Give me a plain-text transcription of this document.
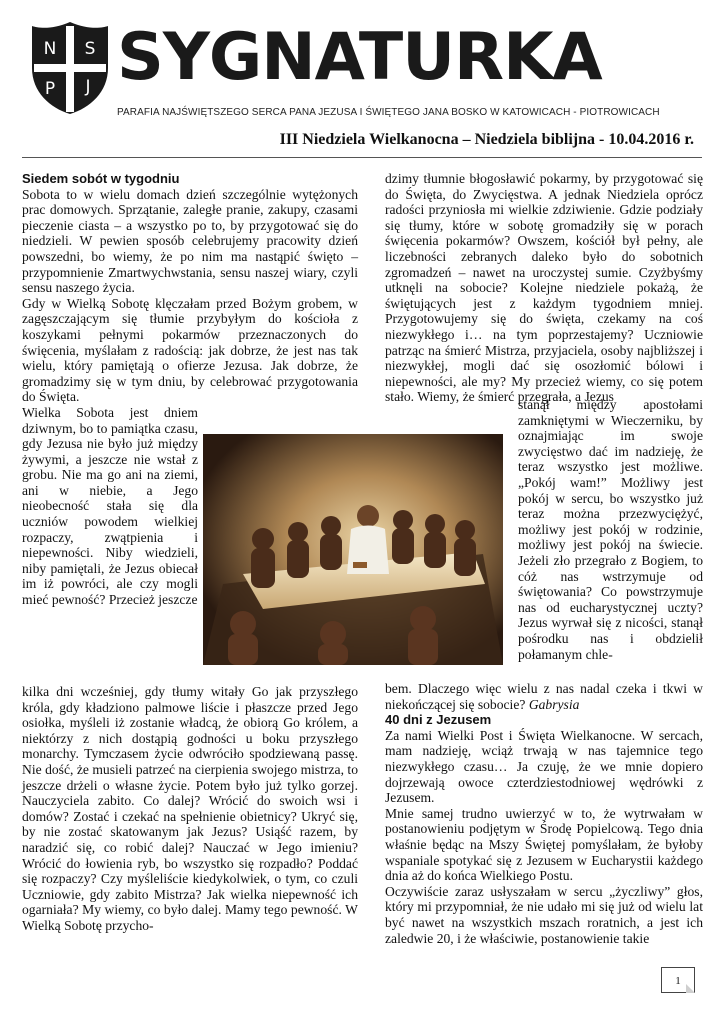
N S
P J SYGNATURKA
PARAFIA NAJŚWIĘTSZEGO SERCA PANA JEZUSA I ŚWIĘTEGO JANA BOSKO W KATOWICACH - PIOTROWICACH
III Niedziela Wielkanocna – Niedziela biblijna - 10.04.2016 r.

Siedem sobót w tygodniu

Sobota to w wielu domach dzień szczególnie wytężonych prac domowych. Sprzątanie, zaległe pranie, zakupy, czasami pieczenie ciasta – a wszystko po to, by przygotować się do niedzieli. W pewien sposób celebrujemy pracowity dzień powszedni, bo wiemy, że po nim ma nastąpić święto – przypomnienie Zmartwychwstania, sensu naszej wiary, czyli sensu naszego życia.

Gdy w Wielką Sobotę klęczałam przed Bożym grobem, w zagęszczającym się tłumie przybyłym do kościoła z koszykami pełnymi pokarmów przeznaczonych do święcenia, myślałam z radością: jak dobrze, że jest nas tak wielu, który pamiętają o ofierze Jezusa. Jak dobrze, że gromadzimy się w tym dniu, by celebrować przygotowania do Święta.

Wielka Sobota jest dniem dziwnym, bo to pamiątka czasu, gdy Jezusa nie było już między żywymi, a jeszcze nie wstał z grobu. Nie ma go ani na ziemi, ani w niebie, a Jego nieobecność stała się dla uczniów powodem wielkiej rozpaczy, zwątpienia i niepewności. Niby wiedzieli, niby pamiętali, że Jezus obiecał im iż powróci, ale czy mogli mieć pewność? Przecież jeszcze

kilka dni wcześniej, gdy tłumy witały Go jak przyszłego króla, gdy kładziono palmowe liście i płaszcze przed Jego osiołka, myśleli iż zostanie władcą, że obiorą Go królem, a niektórzy z nich dostąpią godności u boku przyszłego monarchy. Tymczasem życie odwróciło spodziewaną passę. Nie dość, że musieli patrzeć na cierpienia swojego mistrza, to jeszcze drżeli o własne życie. Potem było już tylko gorzej. Nauczyciela zabito. Co dalej? Wrócić do swoich wsi i domów? Zostać i czekać na spełnienie obietnicy? Ukryć się, by nie zostać skatowanym jak Jezus? Usiąść razem, by naradzić się, co robić dalej? Nauczać w Jego imieniu? Wrócić do łowienia ryb, bo wszystko się rozpadło? Poddać się rozpaczy? Czy myśleliście kiedykolwiek, o tym, co czuli Uczniowie, gdy zabito Mistrza? Jak wielka niepewność ich ogarniała? My wiemy, co było dalej. Mamy tego pewność. W Wielką Sobotę przycho-

dzimy tłumnie błogosławić pokarmy, by przygotować się do Święta, do Zwycięstwa. A jednak Niedziela oprócz radości przyniosła mi wielkie zdziwienie. Gdzie podziały się tłumy, które w sobotę gromadziły się w porach święcenia pokarmów? Owszem, kościół był pełny, ale liczebności zebranych daleko było do sobotnich zgromadzeń – nawet na uroczystej sumie. Czyżbyśmy utknęli na sobocie? Kolejne niedziele pokażą, że świętujących jest z każdym tygodniem mniej. Przygotowujemy się do święta, czekamy na coś niezwykłego i… na tym poprzestajemy? Uczniowie patrząc na śmierć Mistrza, przyjaciela, osoby najbliższej i niezwykłej, mogli dać się osozłomić bólowi i niepewności, ale my? My przecież wiemy, co się potem stało. Wiemy, że śmierć przegrała, a Jezus

stanął między apostołami zamkniętymi w Wieczerniku, by oznajmiając im swoje zwycięstwo dać im nadzieję, że teraz wszystko jest możliwe. „Pokój wam!” Możliwy jest pokój w sercu, bo wszystko już teraz można przezwyciężyć, możliwy jest pokój w rodzinie, możliwy jest pokój na świecie. Jeżeli zło przegrało z Bogiem, to cóż nas wstrzymuje od świętowania? Co powstrzymuje nas od eucharystycznej uczty? Jezus wyrwał się z nicości, stanął pośrodku nas i obdzielił połamanym chle-

bem. Dlaczego więc wielu z nas nadal czeka i tkwi w niekończącej się sobocie? Gabrysia

40 dni z Jezusem

Za nami Wielki Post i Święta Wielkanocne. W sercach, mam nadzieję, wciąż trwają w nas tajemnice tego niezwykłego czasu… Ja czuję, że we mnie dopiero dojrzewają owoce czterdziestodniowej wędrówki z Jezusem.

Mnie samej trudno uwierzyć w to, że wytrwałam w postanowieniu podjętym w Środę Popielcową. Tego dnia właśnie będąc na Mszy Świętej pomyślałam, że byłoby wspaniale spotykać się z Jezusem w Eucharystii każdego dnia aż do końca Wielkiego Postu.

Oczywiście zaraz usłyszałam w sercu „życzliwy” głos, który mi przypomniał, że nie udało mi się już od wielu lat być nawet na wszystkich mszach roratnich, a jest ich zaledwie 20, i że właściwie, postanowienie takie

1
